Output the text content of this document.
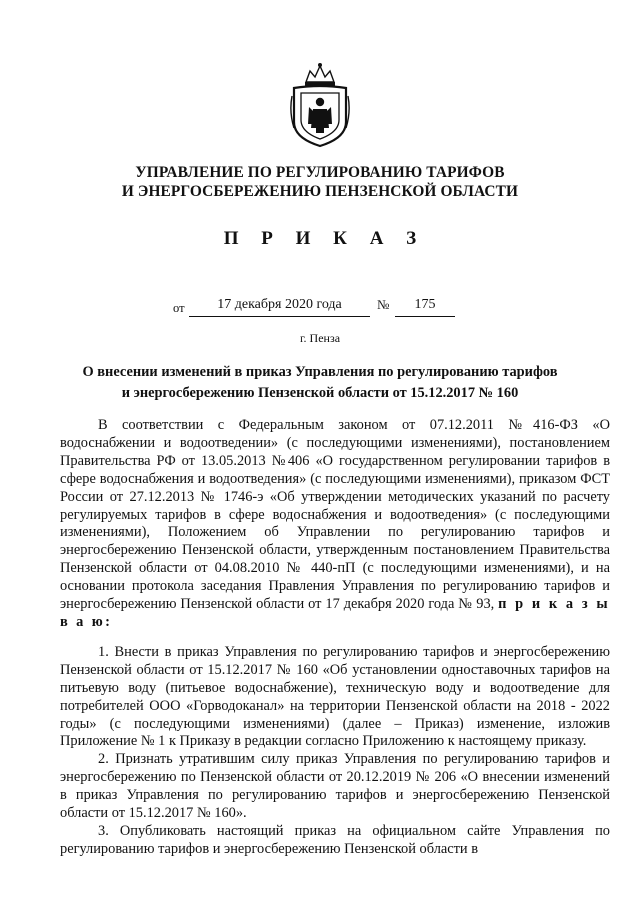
УПРАВЛЕНИЕ ПО РЕГУЛИРОВАНИЮ ТАРИФОВ
И ЭНЕРГОСБЕРЕЖЕНИЮ ПЕНЗЕНСКОЙ ОБЛАСТИ
П Р И К А З
от	17 декабря 2020 года	№	175
г. Пенза
О внесении изменений в приказ Управления по регулированию тарифов
и энергосбережению Пензенской области от 15.12.2017 № 160

В соответствии с Федеральным законом от 07.12.2011 №416-ФЗ «О водоснабжении и водоотведении» (с последующими изменениями), постановлением Правительства РФ от 13.05.2013 №406 «О государственном регулировании тарифов в сфере водоснабжения и водоотведения» (с последующими изменениями), приказом ФСТ России от 27.12.2013 № 1746-э «Об утверждении методических указаний по расчету регулируемых тарифов в сфере водоснабжения и водоотведения» (с последующими изменениями), Положением об Управлении по регулированию тарифов и энергосбережению Пензенской области, утвержденным постановлением Правительства Пензенской области от 04.08.2010 № 440-пП (с последующими изменениями), и на основании протокола заседания Правления Управления по регулированию тарифов и энергосбережению Пензенской области от 17 декабря 2020 года № 93, п р и к а з ы в а ю:

1. Внести в приказ Управления по регулированию тарифов и энергосбережению Пензенской области от 15.12.2017 № 160 «Об установлении одноставочных тарифов на питьевую воду (питьевое водоснабжение), техническую воду и водоотведение для потребителей ООО «Горводоканал» на территории Пензенской области на 2018 - 2022 годы» (с последующими изменениями) (далее – Приказ) изменение, изложив Приложение № 1 к Приказу в редакции согласно Приложению к настоящему приказу.

2. Признать утратившим силу приказ Управления по регулированию тарифов и энергосбережению по Пензенской области от 20.12.2019 № 206 «О внесении изменений в приказ Управления по регулированию тарифов и энергосбережению Пензенской области от 15.12.2017 № 160».

3. Опубликовать настоящий приказ на официальном сайте Управления по регулированию тарифов и энергосбережению Пензенской области в
